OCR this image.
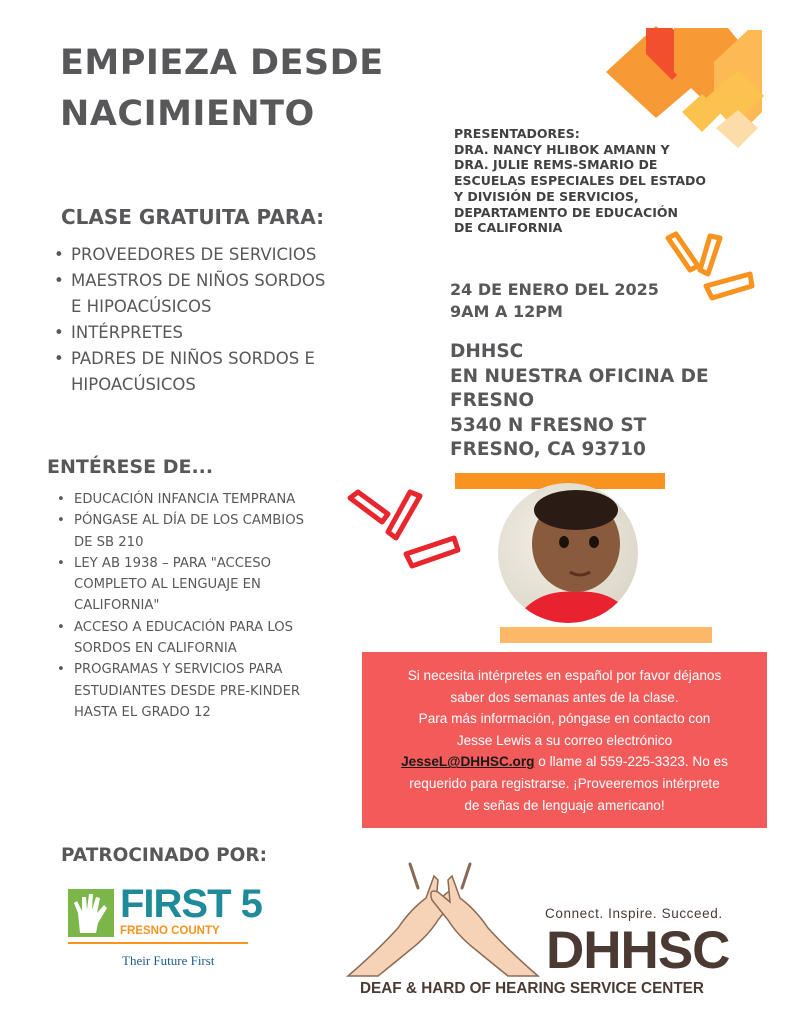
EMPIEZA DESDE
NACIMIENTO	PRESENTADORES:
DRA. NANCY HLIBOK AMANN Y
DRA. JULIE REMS-SMARIO DE
ESCUELAS ESPECIALES DEL ESTADO
Y DIVISIÓN DE SERVICIOS,
DEPARTAMENTO DE EDUCACIÓN
DE CALIFORNIA
CLASE GRATUITA PARA:
• PROVEEDORES DE SERVICIOS
• MAESTROS DE NIÑOS SORDOS
E HIPOACÚSICOS
• INTÉRPRETES
• PADRES DE NIÑOS SORDOS E
HIPOACÚSICOS
24 DE ENERO DEL 2025
9AM A 12PM
DHHSC
EN NUESTRA OFICINA DE
FRESNO
5340 N FRESNO ST
FRESNO, CA 93710
ENTÉRESE DE...
• EDUCACIÓN INFANCIA TEMPRANA
• PÓNGASE AL DÍA DE LOS CAMBIOS
DE SB 210
• LEY AB 1938 – PARA "ACCESO
COMPLETO AL LENGUAJE EN
CALIFORNIA"
• ACCESO A EDUCACIÓN PARA LOS
SORDOS EN CALIFORNIA
• PROGRAMAS Y SERVICIOS PARA
ESTUDIANTES DESDE PRE-KINDER
HASTA EL GRADO 12
Si necesita intérpretes en español por favor déjanos
saber dos semanas antes de la clase.
Para más información, póngase en contacto con
Jesse Lewis a su correo electrónico
JesseL@DHHSC.org o llame al 559-225-3323. No es
requerido para registrarse. ¡Proveeremos intérprete
de señas de lenguaje americano!
PATROCINADO POR:
FIRST 5
FRESNO COUNTY
Their Future First
Connect. Inspire. Succeed.
DHHSC
DEAF & HARD OF HEARING SERVICE CENTER
